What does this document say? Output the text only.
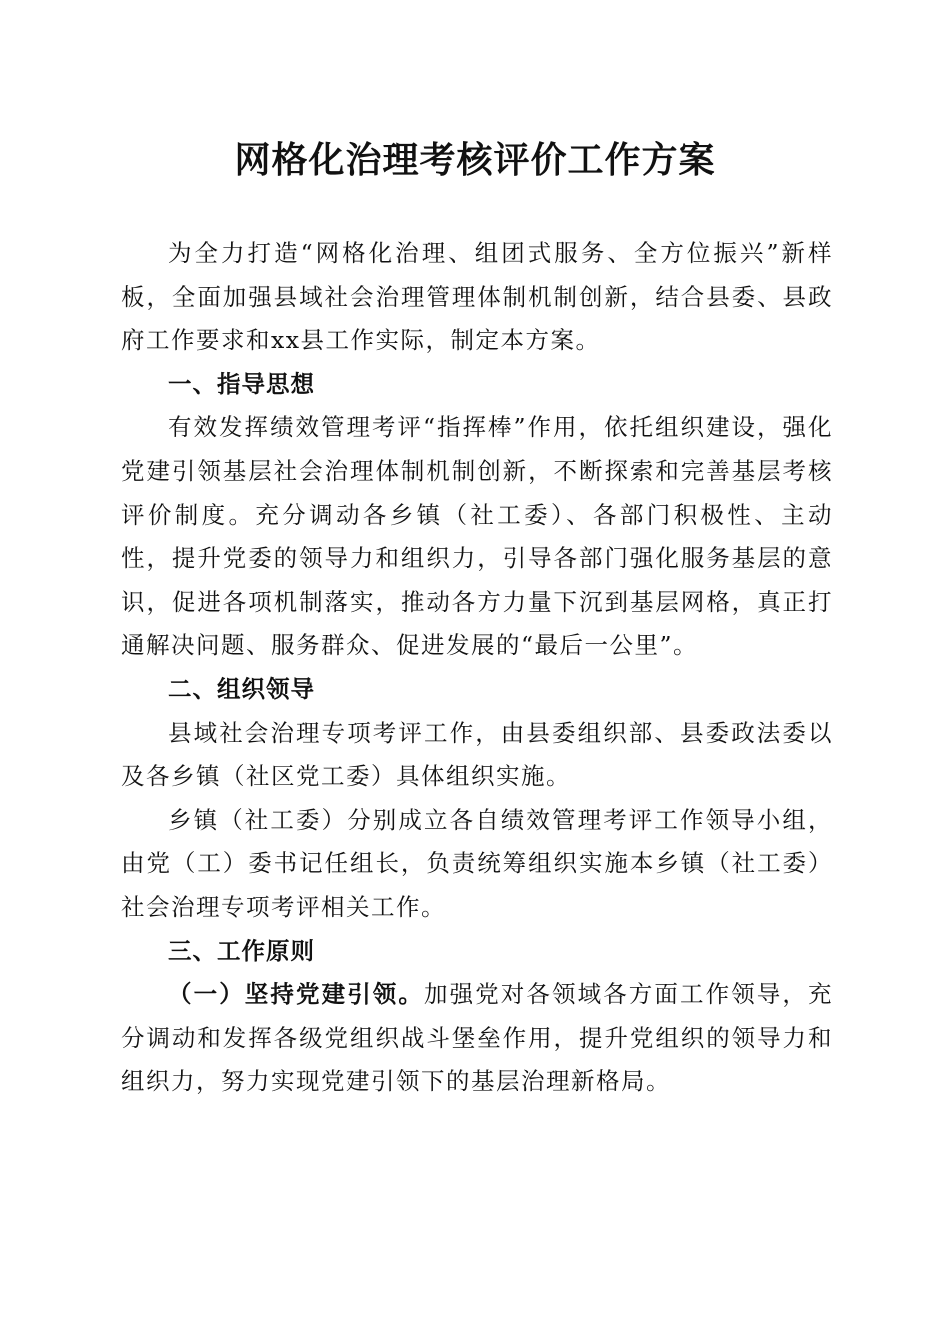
网格化治理考核评价工作方案

为全力打造“网格化治理、组团式服务、全方位振兴”新样板，全面加强县域社会治理管理体制机制创新，结合县委、县政府工作要求和xx县工作实际，制定本方案。

一、指导思想

有效发挥绩效管理考评“指挥棒”作用，依托组织建设，强化党建引领基层社会治理体制机制创新，不断探索和完善基层考核评价制度。充分调动各乡镇（社工委）、各部门积极性、主动性，提升党委的领导力和组织力，引导各部门强化服务基层的意识，促进各项机制落实，推动各方力量下沉到基层网格，真正打通解决问题、服务群众、促进发展的“最后一公里”。

二、组织领导

县域社会治理专项考评工作，由县委组织部、县委政法委以及各乡镇（社区党工委）具体组织实施。

乡镇（社工委）分别成立各自绩效管理考评工作领导小组，由党（工）委书记任组长，负责统筹组织实施本乡镇（社工委）社会治理专项考评相关工作。

三、工作原则

（一）坚持党建引领。加强党对各领域各方面工作领导，充分调动和发挥各级党组织战斗堡垒作用，提升党组织的领导力和组织力，努力实现党建引领下的基层治理新格局。
